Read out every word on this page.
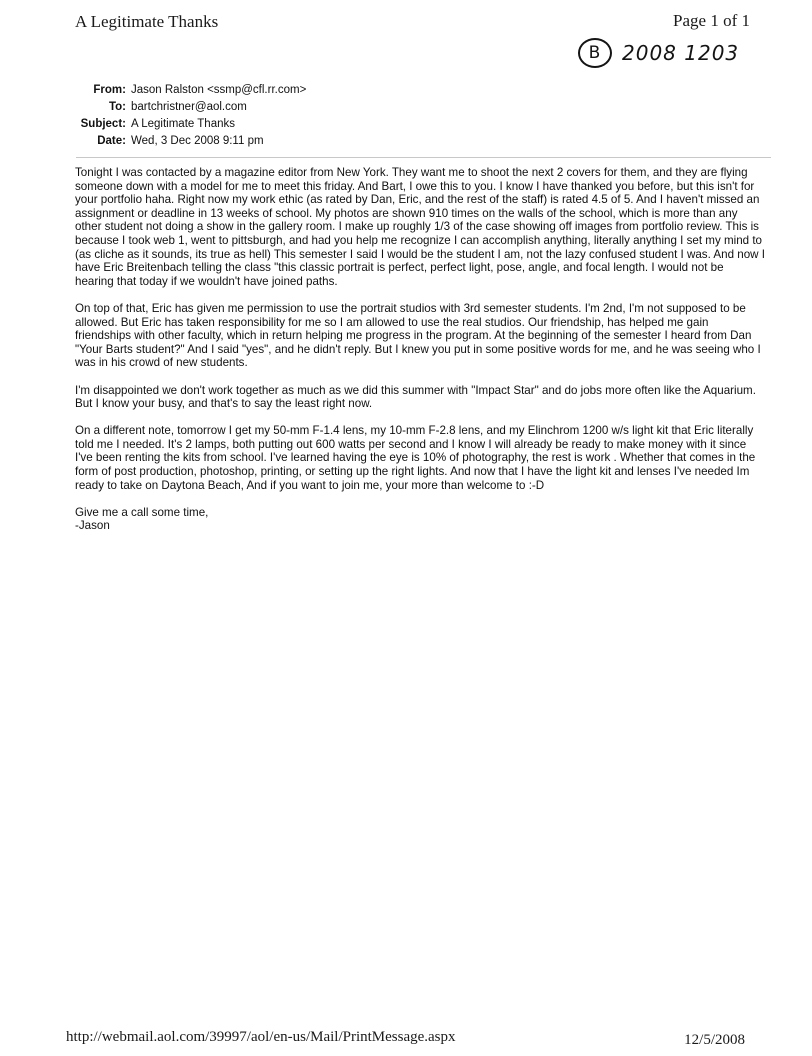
A Legitimate Thanks	Page 1 of 1
B	2008 1203
From: Jason Ralston <ssmp@cfl.rr.com>
To: bartchristner@aol.com
Subject: A Legitimate Thanks
Date: Wed, 3 Dec 2008 9:11 pm

Tonight I was contacted by a magazine editor from New York. They want me to shoot the next 2 covers for them, and they are flying someone down with a model for me to meet this friday. And Bart, I owe this to you. I know I have thanked you before, but this isn't for your portfolio haha. Right now my work ethic (as rated by Dan, Eric, and the rest of the staff) is rated 4.5 of 5. And I haven't missed an assignment or deadline in 13 weeks of school. My photos are shown 910 times on the walls of the school, which is more than any other student not doing a show in the gallery room. I make up roughly 1/3 of the case showing off images from portfolio review. This is because I took web 1, went to pittsburgh, and had you help me recognize I can accomplish anything, literally anything I set my mind to (as cliche as it sounds, its true as hell) This semester I said I would be the student I am, not the lazy confused student I was. And now I have Eric Breitenbach telling the class "this classic portrait is perfect, perfect light, pose, angle, and focal length. I would not be hearing that today if we wouldn't have joined paths.

On top of that, Eric has given me permission to use the portrait studios with 3rd semester students. I'm 2nd, I'm not supposed to be allowed. But Eric has taken responsibility for me so I am allowed to use the real studios. Our friendship, has helped me gain friendships with other faculty, which in return helping me progress in the program. At the beginning of the semester I heard from Dan "Your Barts student?" And I said "yes", and he didn't reply. But I knew you put in some positive words for me, and he was seeing who I was in his crowd of new students.

I'm disappointed we don't work together as much as we did this summer with "Impact Star" and do jobs more often like the Aquarium. But I know your busy, and that's to say the least right now.

On a different note, tomorrow I get my 50-mm F-1.4 lens, my 10-mm F-2.8 lens, and my Elinchrom 1200 w/s light kit that Eric literally told me I needed. It's 2 lamps, both putting out 600 watts per second and I know I will already be ready to make money with it since I've been renting the kits from school. I've learned having the eye is 10% of photography, the rest is work . Whether that comes in the form of post production, photoshop, printing, or setting up the right lights. And now that I have the light kit and lenses I've needed Im ready to take on Daytona Beach, And if you want to join me, your more than welcome to :-D

Give me a call some time,

-Jason

http://webmail.aol.com/39997/aol/en-us/Mail/PrintMessage.aspx	12/5/2008
